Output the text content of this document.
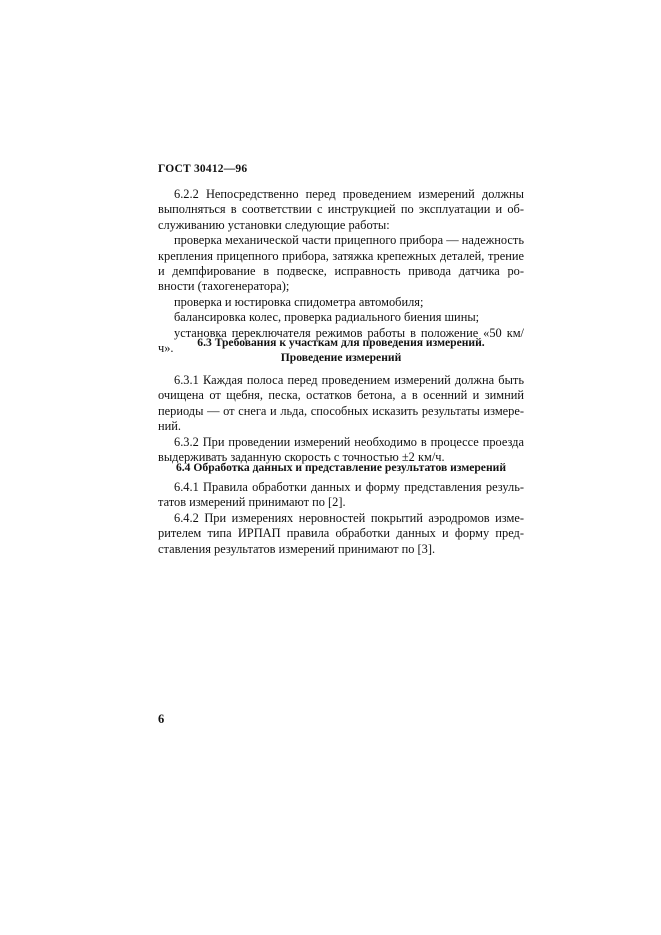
ГОСТ 30412—96

6.2.2 Непосредственно перед проведением измерений должны выполняться в соответствии с инструкцией по эксплуатации и обслуживанию установки следующие работы:

проверка механической части прицепного прибора — надежность крепления прицепного прибора, затяжка крепежных деталей, трение и демпфирование в подвеске, исправность привода датчика ровности (тахогенератора);

проверка и юстировка спидометра автомобиля;

балансировка колес, проверка радиального биения шины;

установка переключателя режимов работы в положение «50 км/ч».	6.3 Требования к участкам для проведения измерений.
Проведение измерений

6.3.1 Каждая полоса перед проведением измерений должна быть очищена от щебня, песка, остатков бетона, а в осенний и зимний периоды — от снега и льда, способных исказить результаты измерений.

6.3.2 При проведении измерений необходимо в процессе проезда выдерживать заданную скорость с точностью ±2 км/ч.

6.4 Обработка данных и представление результатов измерений

6.4.1 Правила обработки данных и форму представления результатов измерений принимают по [2].

6.4.2 При измерениях неровностей покрытий аэродромов измерителем типа ИРПАП правила обработки данных и форму представления результатов измерений принимают по [3].

6
